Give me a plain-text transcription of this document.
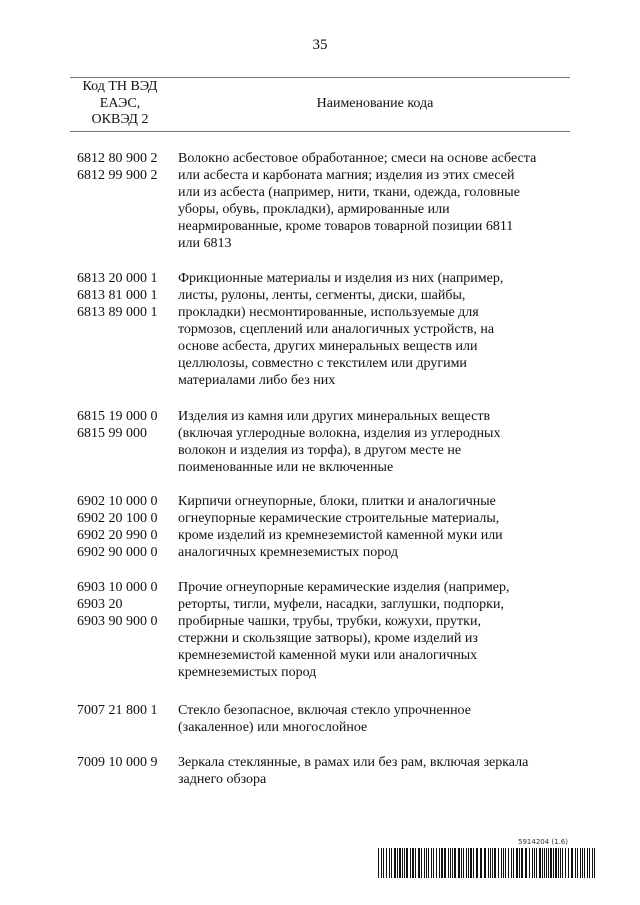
35
Код ТН ВЭД
ЕАЭС,
ОКВЭД 2
Наименование кода
6812 80 900 2
6812 99 900 2
Волокно асбестовое обработанное; смеси на основе асбеста
или асбеста и карбоната магния; изделия из этих смесей
или из асбеста (например, нити, ткани, одежда, головные
уборы, обувь, прокладки), армированные или
неармированные, кроме товаров товарной позиции 6811
или 6813
6813 20 000 1
6813 81 000 1
6813 89 000 1
Фрикционные материалы и изделия из них (например,
листы, рулоны, ленты, сегменты, диски, шайбы,
прокладки) несмонтированные, используемые для
тормозов, сцеплений или аналогичных устройств, на
основе асбеста, других минеральных веществ или
целлюлозы, совместно с текстилем или другими
материалами либо без них
6815 19 000 0
6815 99 000
Изделия из камня или других минеральных веществ
(включая углеродные волокна, изделия из углеродных
волокон и изделия из торфа), в другом месте не
поименованные или не включенные
6902 10 000 0
6902 20 100 0
6902 20 990 0
6902 90 000 0
Кирпичи огнеупорные, блоки, плитки и аналогичные
огнеупорные керамические строительные материалы,
кроме изделий из кремнеземистой каменной муки или
аналогичных кремнеземистых пород
6903 10 000 0
6903 20
6903 90 900 0
Прочие огнеупорные керамические изделия (например,
реторты, тигли, муфели, насадки, заглушки, подпорки,
пробирные чашки, трубы, трубки, кожухи, прутки,
стержни и скользящие затворы), кроме изделий из
кремнеземистой каменной муки или аналогичных
кремнеземистых пород
7007 21 800 1	Стекло безопасное, включая стекло упрочненное
(закаленное) или многослойное
7009 10 000 9	Зеркала стеклянные, в рамах или без рам, включая зеркала
заднего обзора
5914204 (1.6)
